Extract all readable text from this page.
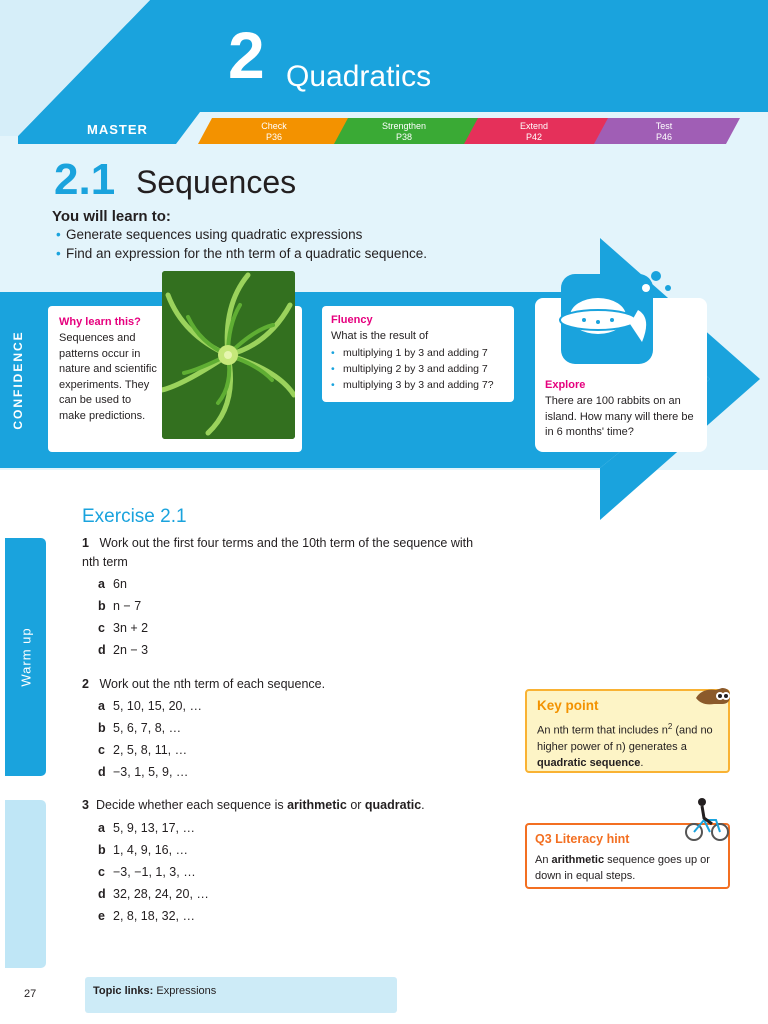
2 Quadratics
MASTER	Check
P36
Strengthen
P38
Extend
P42
Test
P46
2.1 Sequences
You will learn to:
• Generate sequences using quadratic expressions
• Find an expression for the nth term of a quadratic sequence.
CONFIDENCE
Why learn this?
Sequences and patterns occur in nature and scientific experiments. They can be used to make predictions.
Fluency
What is the result of
• multiplying 1 by 3 and adding 7
• multiplying 2 by 3 and adding 7
• multiplying 3 by 3 and adding 7?	Explore
There are 100 rabbits on an island. How many will there be in 6 months' time?
Warm up
Exercise 2.1
1 Work out the first four terms and the 10th term of the sequence with nth term
a 6n
b n − 7
c 3n + 2
d 2n − 3
2 Work out the nth term of each sequence.
a 5, 10, 15, 20, …
b 5, 6, 7, 8, …
c 2, 5, 8, 11, …
d −3, 1, 5, 9, …
3 Decide whether each sequence is arithmetic or quadratic.
a 5, 9, 13, 17, …
b 1, 4, 9, 16, …
c −3, −1, 1, 3, …
d 32, 28, 24, 20, …
e 2, 8, 18, 32, …
Key point
An nth term that includes $n^2$ (and no higher power of n) generates a quadratic sequence.
Q3 Literacy hint
An arithmetic sequence goes up or down in equal steps.
Topic links: Expressions
27
